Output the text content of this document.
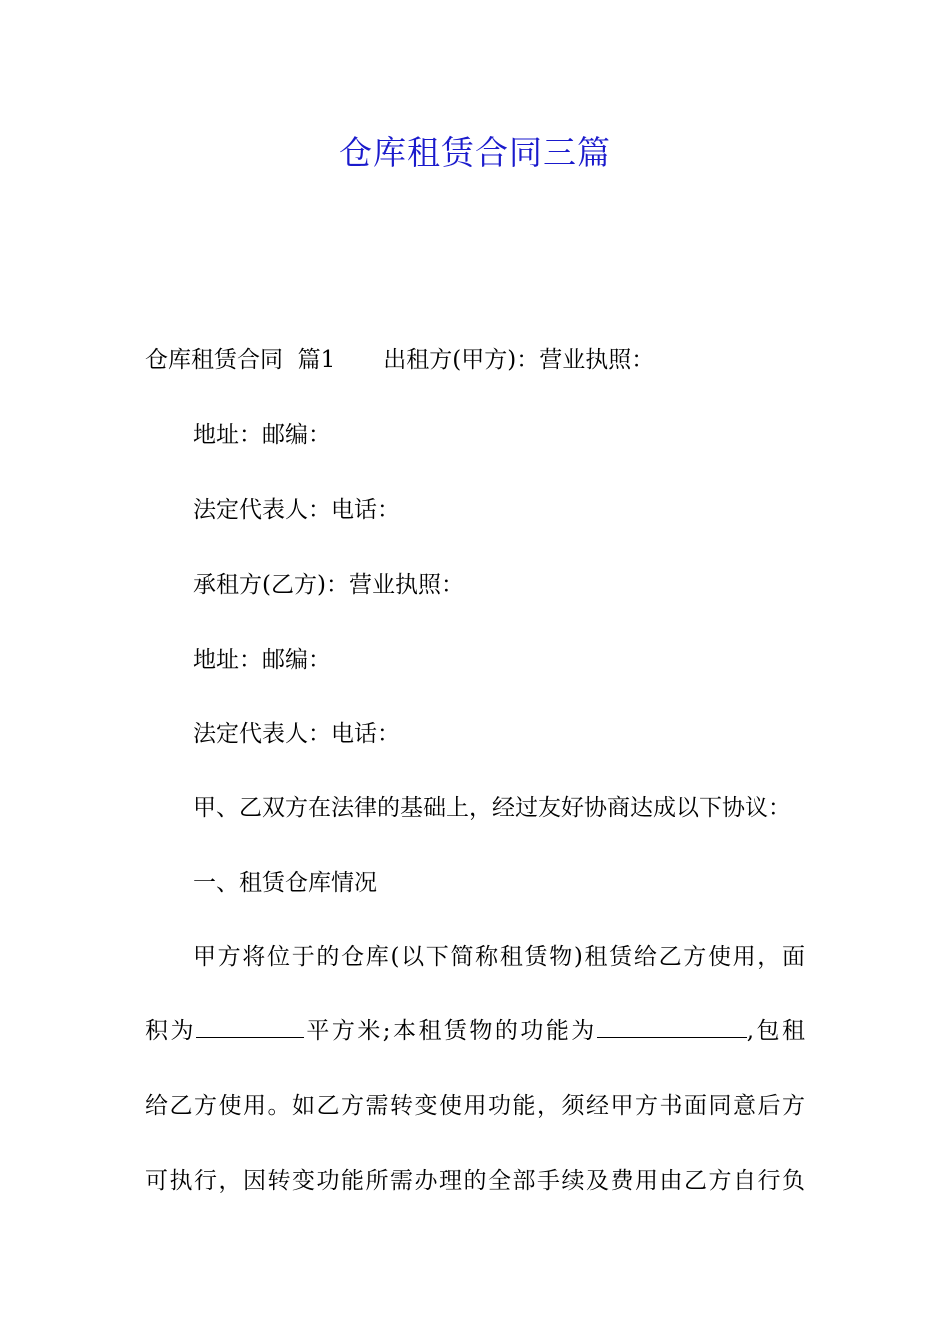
仓库租赁合同三篇
仓库租赁合同  篇1 出租方(甲方)：营业执照：
地址：邮编：
法定代表人：电话：
承租方(乙方)：营业执照：
地址：邮编：
法定代表人：电话：
甲、乙双方在法律的基础上，经过友好协商达成以下协议：
一、租赁仓库情况
甲方将位于的仓库(以下简称租赁物)租赁给乙方使用，面
积为	平方米;本租赁物的功能为	,包租
给乙方使用。如乙方需转变使用功能，须经甲方书面同意后方
可执行，因转变功能所需办理的全部手续及费用由乙方自行负
